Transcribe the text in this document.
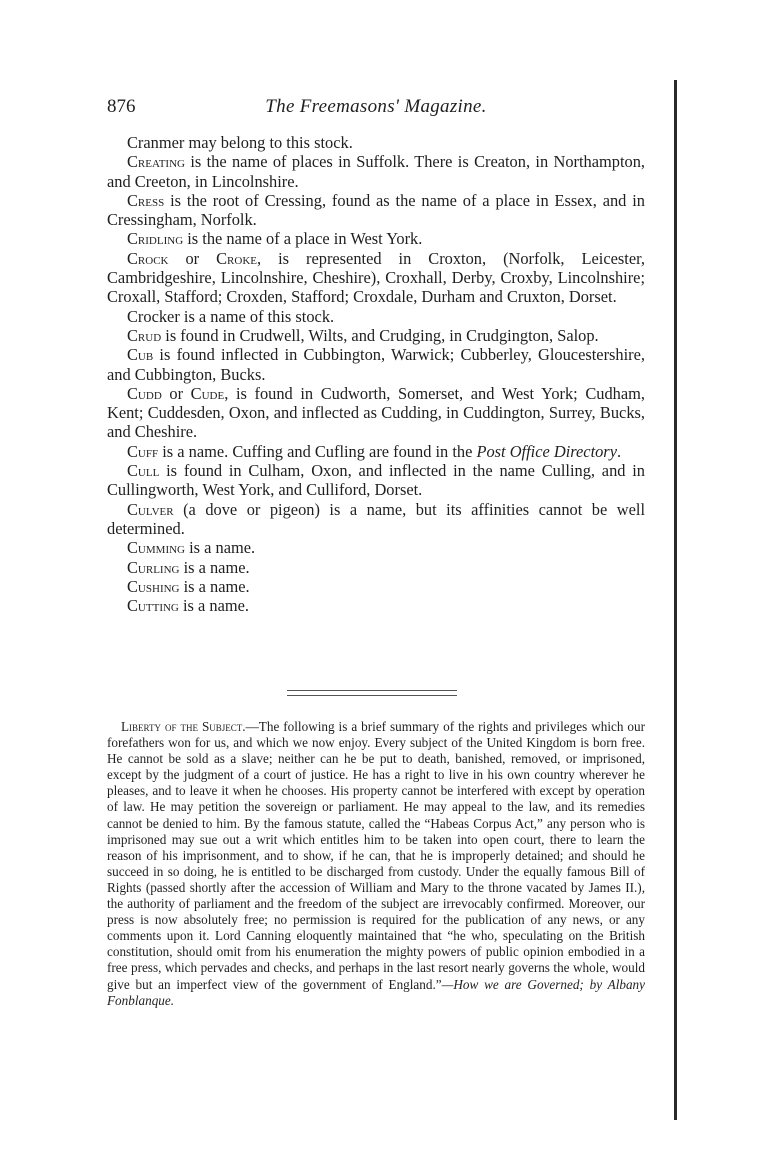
876	The Freemasons' Magazine.

Cranmer may belong to this stock.

Creating is the name of places in Suffolk. There is Creaton, in Northampton, and Creeton, in Lincolnshire.

Cress is the root of Cressing, found as the name of a place in Essex, and in Cressingham, Norfolk.

Cridling is the name of a place in West York.

Crock or Croke, is represented in Croxton, (Norfolk, Leicester, Cambridgeshire, Lincolnshire, Cheshire), Croxhall, Derby, Croxby, Lincolnshire; Croxall, Stafford; Croxden, Stafford; Croxdale, Durham and Cruxton, Dorset.

Crocker is a name of this stock.

Crud is found in Crudwell, Wilts, and Crudging, in Crudgington, Salop.

Cub is found inflected in Cubbington, Warwick; Cubberley, Gloucestershire, and Cubbington, Bucks.

Cudd or Cude, is found in Cudworth, Somerset, and West York; Cudham, Kent; Cuddesden, Oxon, and inflected as Cudding, in Cuddington, Surrey, Bucks, and Cheshire.

Cuff is a name. Cuffing and Cufling are found in the Post Office Directory.

Cull is found in Culham, Oxon, and inflected in the name Culling, and in Cullingworth, West York, and Culliford, Dorset.

Culver (a dove or pigeon) is a name, but its affinities cannot be well determined.

Cumming is a name.

Curling is a name.

Cushing is a name.

Cutting is a name.

Liberty of the Subject.—The following is a brief summary of the rights and privileges which our forefathers won for us, and which we now enjoy. Every subject of the United Kingdom is born free. He cannot be sold as a slave; neither can he be put to death, banished, removed, or imprisoned, except by the judgment of a court of justice. He has a right to live in his own country wherever he pleases, and to leave it when he chooses. His property cannot be interfered with except by operation of law. He may petition the sovereign or parliament. He may appeal to the law, and its remedies cannot be denied to him. By the famous statute, called the “Habeas Corpus Act,” any person who is imprisoned may sue out a writ which entitles him to be taken into open court, there to learn the reason of his imprisonment, and to show, if he can, that he is improperly detained; and should he succeed in so doing, he is entitled to be discharged from custody. Under the equally famous Bill of Rights (passed shortly after the accession of William and Mary to the throne vacated by James II.), the authority of parliament and the freedom of the subject are irrevocably confirmed. Moreover, our press is now absolutely free; no permission is required for the publication of any news, or any comments upon it. Lord Canning eloquently maintained that “he who, speculating on the British constitution, should omit from his enumeration the mighty powers of public opinion embodied in a free press, which pervades and checks, and perhaps in the last resort nearly governs the whole, would give but an imperfect view of the government of England.”—How we are Governed; by Albany Fonblanque.
